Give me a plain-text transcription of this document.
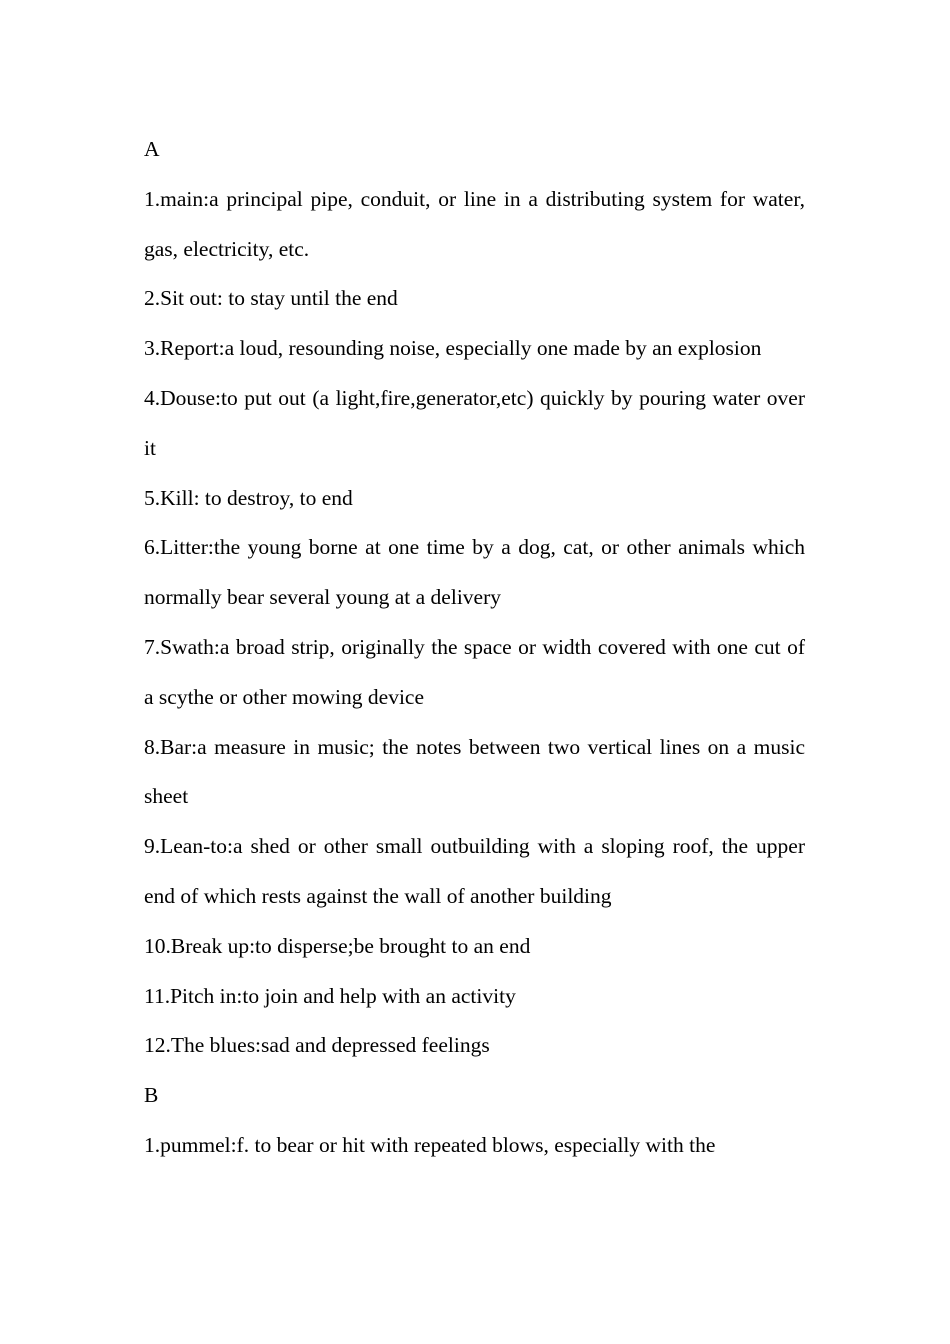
A

1.main:a principal pipe, conduit, or line in a distributing system for water, gas, electricity, etc.

2.Sit out: to stay until the end

3.Report:a loud, resounding noise, especially one made by an explosion

4.Douse:to put out (a light,fire,generator,etc) quickly by pouring water over it

5.Kill: to destroy, to end

6.Litter:the young borne at one time by a dog, cat, or other animals which normally bear several young at a delivery

7.Swath:a broad strip, originally the space or width covered with one cut of a scythe or other mowing device

8.Bar:a measure in music; the notes between two vertical lines on a music sheet

9.Lean-to:a shed or other small outbuilding with a sloping roof, the upper end of which rests against the wall of another building

10.Break up:to disperse;be brought to an end

11.Pitch in:to join and help with an activity

12.The blues:sad and depressed feelings

B

1.pummel:f. to bear or hit with repeated blows, especially with the
